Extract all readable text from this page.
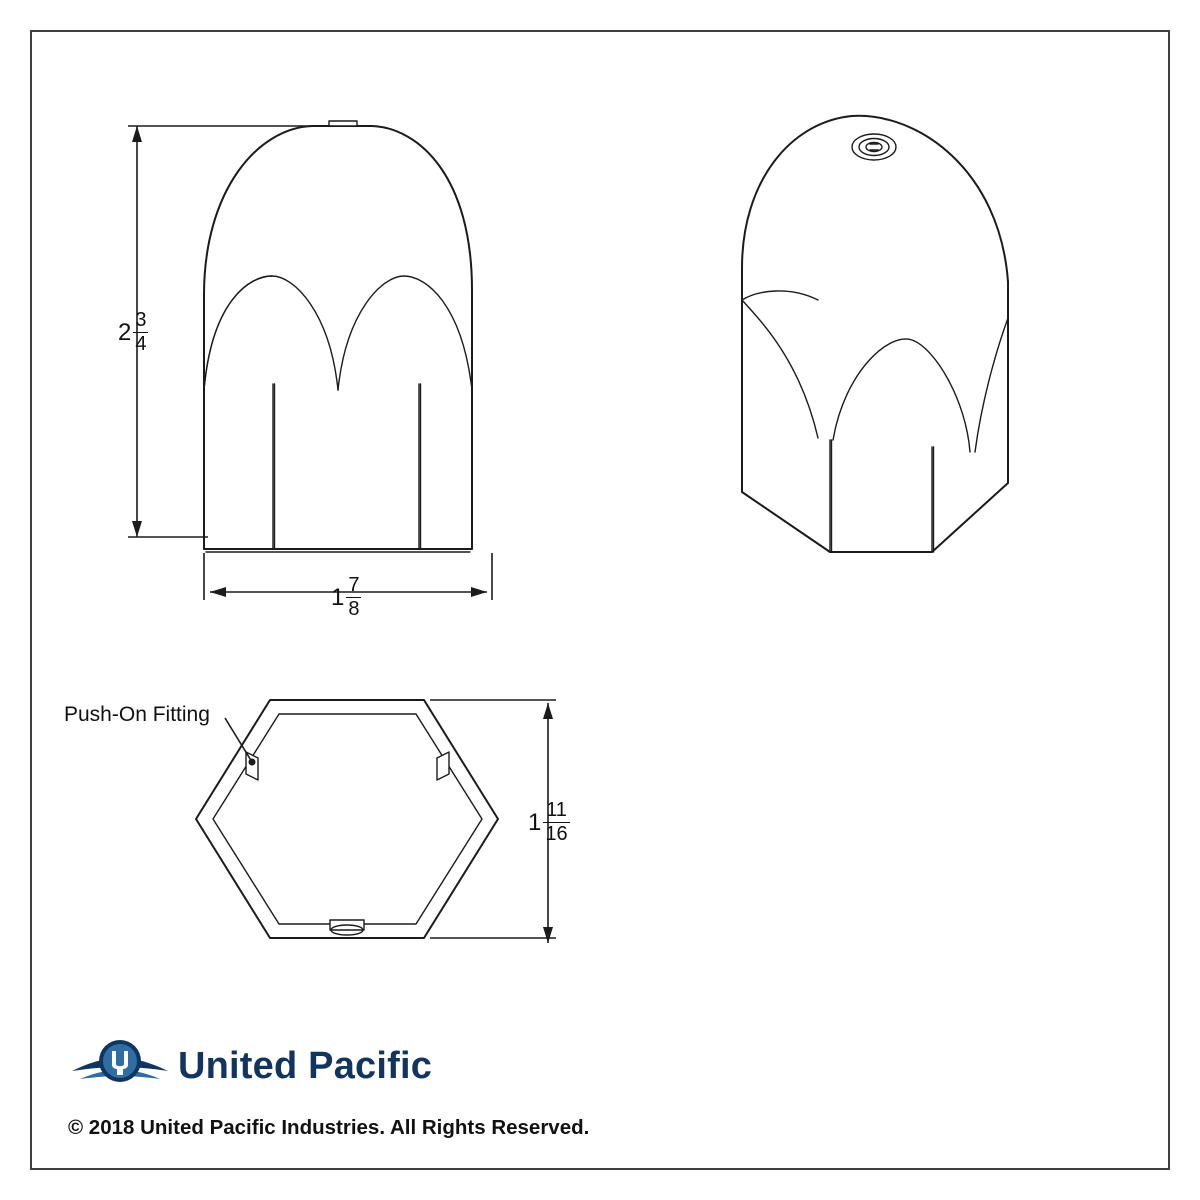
$2 \frac{3}{4}$
$1 \frac{7}{8}$
$1 \frac{11}{16}$
Push-On Fitting
United Pacific
© 2018 United Pacific Industries. All Rights Reserved.
